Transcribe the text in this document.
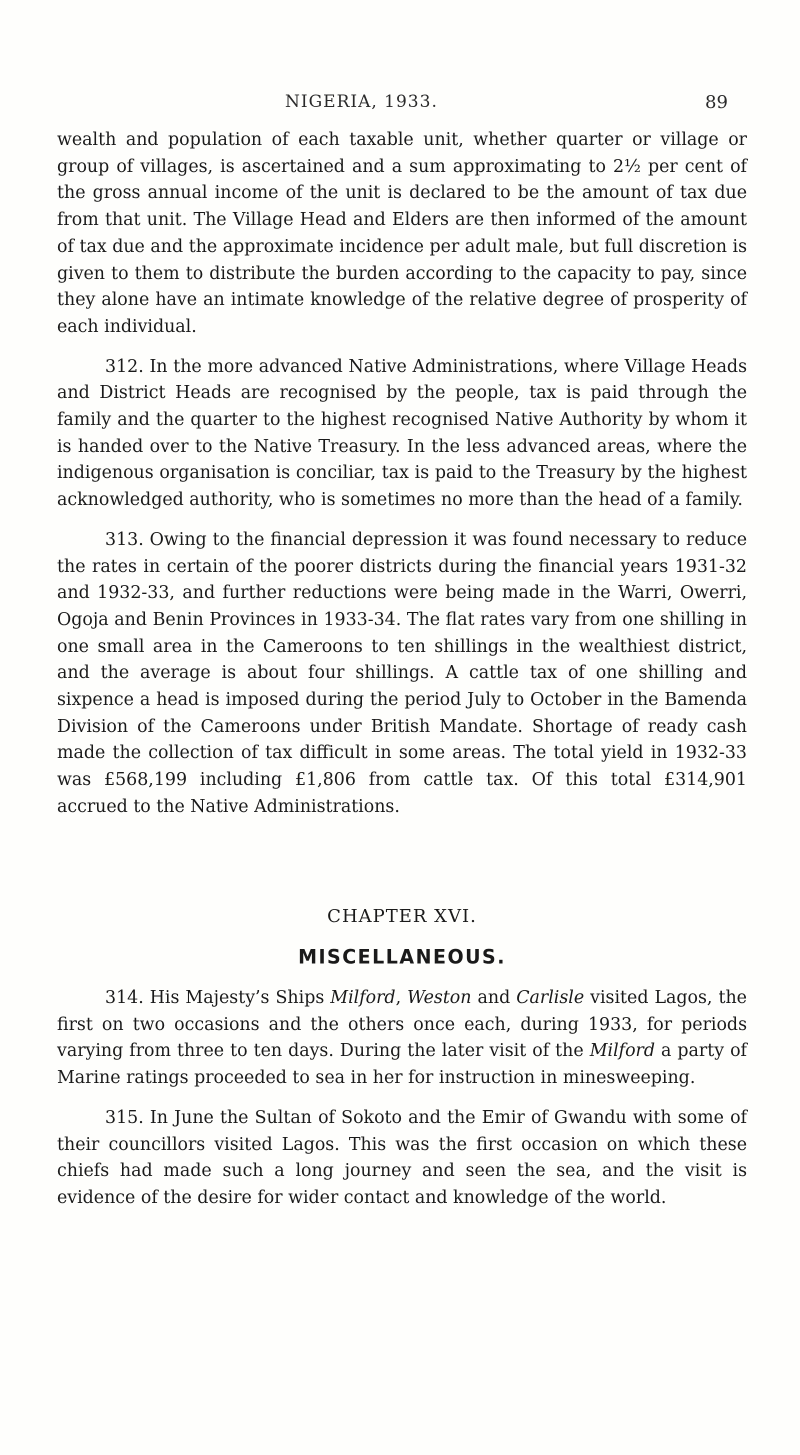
NIGERIA, 1933.	89

wealth and population of each taxable unit, whether quarter or village or group of villages, is ascertained and a sum approximating to 2½ per cent of the gross annual income of the unit is declared to be the amount of tax due from that unit. The Village Head and Elders are then informed of the amount of tax due and the approximate incidence per adult male, but full discretion is given to them to distribute the burden according to the capacity to pay, since they alone have an intimate knowledge of the relative degree of prosperity of each individual.

312. In the more advanced Native Administrations, where Village Heads and District Heads are recognised by the people, tax is paid through the family and the quarter to the highest recognised Native Authority by whom it is handed over to the Native Treasury. In the less advanced areas, where the indigenous organisation is conciliar, tax is paid to the Treasury by the highest acknowledged authority, who is sometimes no more than the head of a family.

313. Owing to the financial depression it was found necessary to reduce the rates in certain of the poorer districts during the financial years 1931-32 and 1932-33, and further reductions were being made in the Warri, Owerri, Ogoja and Benin Provinces in 1933-34. The flat rates vary from one shilling in one small area in the Cameroons to ten shillings in the wealthiest district, and the average is about four shillings. A cattle tax of one shilling and sixpence a head is imposed during the period July to October in the Bamenda Division of the Cameroons under British Mandate. Shortage of ready cash made the collection of tax difficult in some areas. The total yield in 1932-33 was £568,199 including £1,806 from cattle tax. Of this total £314,901 accrued to the Native Administrations.

CHAPTER XVI.
MISCELLANEOUS.

314. His Majesty’s Ships Milford, Weston and Carlisle visited Lagos, the first on two occasions and the others once each, during 1933, for periods varying from three to ten days. During the later visit of the Milford a party of Marine ratings proceeded to sea in her for instruction in minesweeping.

315. In June the Sultan of Sokoto and the Emir of Gwandu with some of their councillors visited Lagos. This was the first occasion on which these chiefs had made such a long journey and seen the sea, and the visit is evidence of the desire for wider contact and knowledge of the world.
